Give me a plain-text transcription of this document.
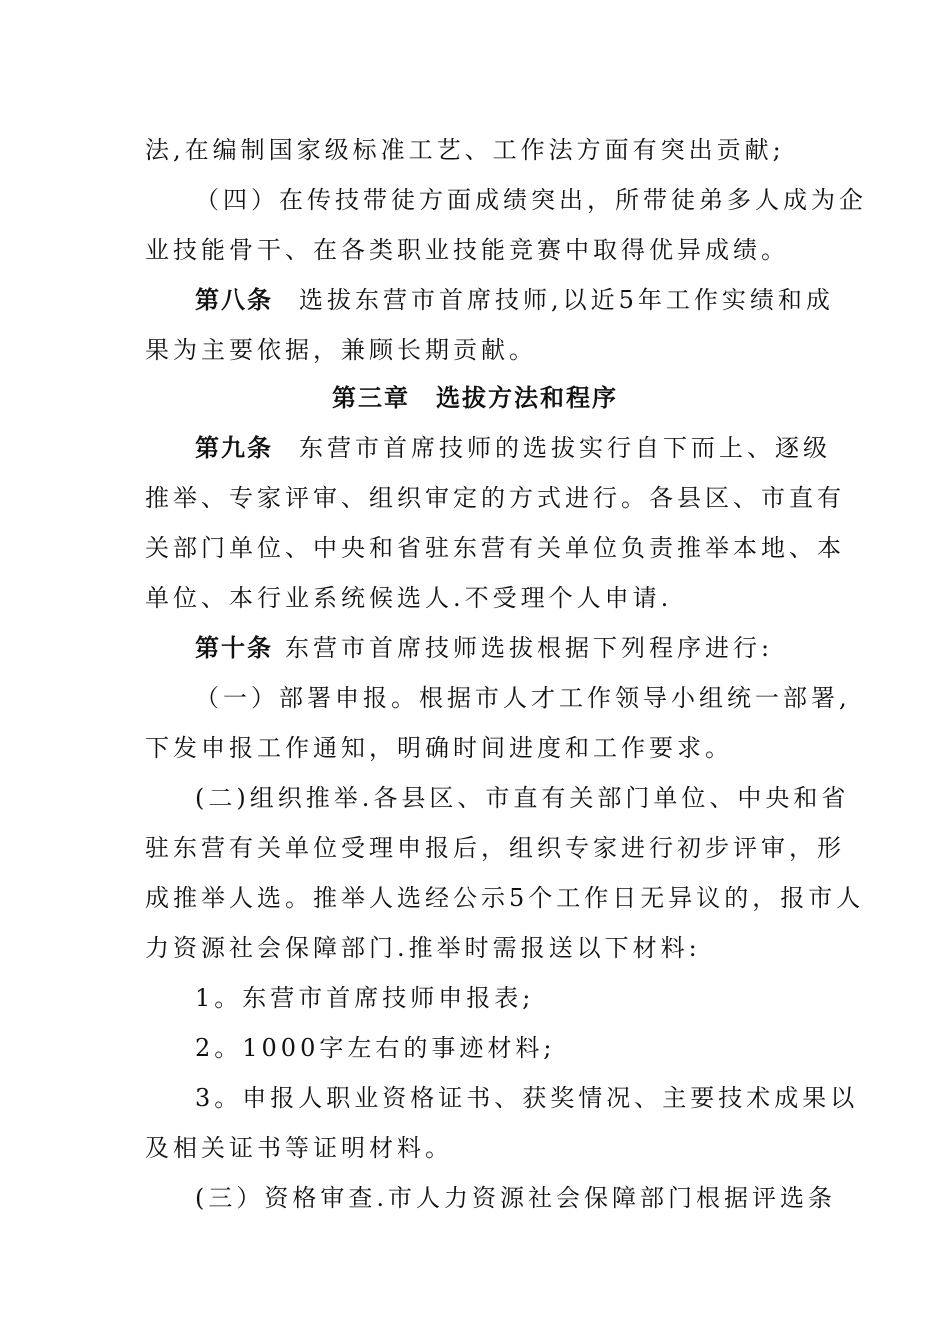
法,在编制国家级标准工艺、工作法方面有突出贡献;
（四）在传技带徒方面成绩突出，所带徒弟多人成为企
业技能骨干、在各类职业技能竞赛中取得优异成绩。
第八条 选拔东营市首席技师,以近5年工作实绩和成
果为主要依据，兼顾长期贡献。
第三章 选拔方法和程序
第九条 东营市首席技师的选拔实行自下而上、逐级
推举、专家评审、组织审定的方式进行。各县区、市直有
关部门单位、中央和省驻东营有关单位负责推举本地、本
单位、本行业系统候选人.不受理个人申请.
第十条 东营市首席技师选拔根据下列程序进行:
（一）部署申报。根据市人才工作领导小组统一部署,
下发申报工作通知，明确时间进度和工作要求。
(二)组织推举.各县区、市直有关部门单位、中央和省
驻东营有关单位受理申报后，组织专家进行初步评审，形
成推举人选。推举人选经公示5个工作日无异议的，报市人
力资源社会保障部门.推举时需报送以下材料:
1。东营市首席技师申报表;
2。1000字左右的事迹材料;
3。申报人职业资格证书、获奖情况、主要技术成果以
及相关证书等证明材料。
(三）资格审查.市人力资源社会保障部门根据评选条
